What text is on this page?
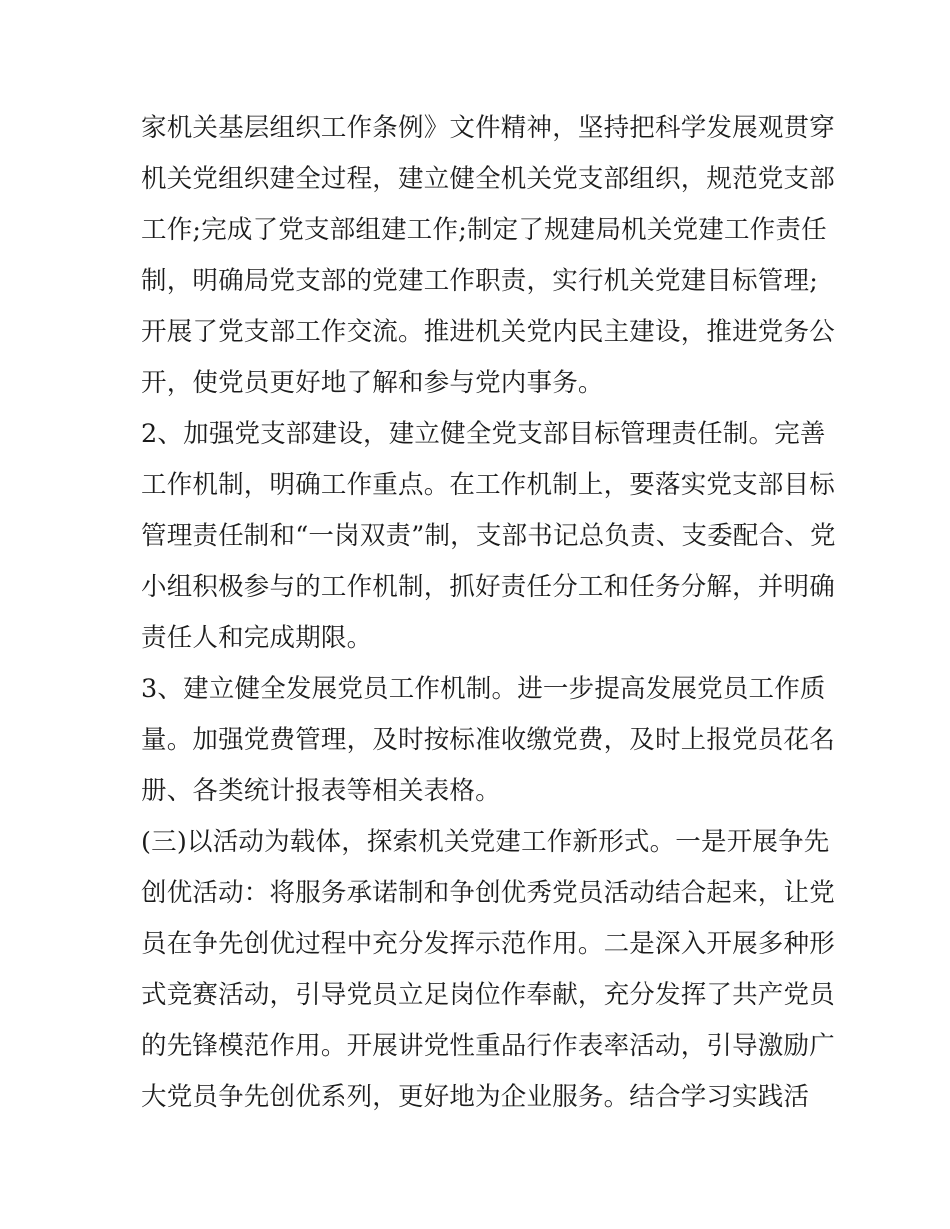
家机关基层组织工作条例》文件精神，坚持把科学发展观贯穿
机关党组织建全过程，建立健全机关党支部组织，规范党支部
工作;完成了党支部组建工作;制定了规建局机关党建工作责任
制，明确局党支部的党建工作职责，实行机关党建目标管理;
开展了党支部工作交流。推进机关党内民主建设，推进党务公
开，使党员更好地了解和参与党内事务。
2、加强党支部建设，建立健全党支部目标管理责任制。完善
工作机制，明确工作重点。在工作机制上，要落实党支部目标
管理责任制和“一岗双责”制，支部书记总负责、支委配合、党
小组积极参与的工作机制，抓好责任分工和任务分解，并明确
责任人和完成期限。
3、建立健全发展党员工作机制。进一步提高发展党员工作质
量。加强党费管理，及时按标准收缴党费，及时上报党员花名
册、各类统计报表等相关表格。
(三)以活动为载体，探索机关党建工作新形式。一是开展争先
创优活动：将服务承诺制和争创优秀党员活动结合起来，让党
员在争先创优过程中充分发挥示范作用。二是深入开展多种形
式竞赛活动，引导党员立足岗位作奉献，充分发挥了共产党员
的先锋模范作用。开展讲党性重品行作表率活动，引导激励广
大党员争先创优系列，更好地为企业服务。结合学习实践活
